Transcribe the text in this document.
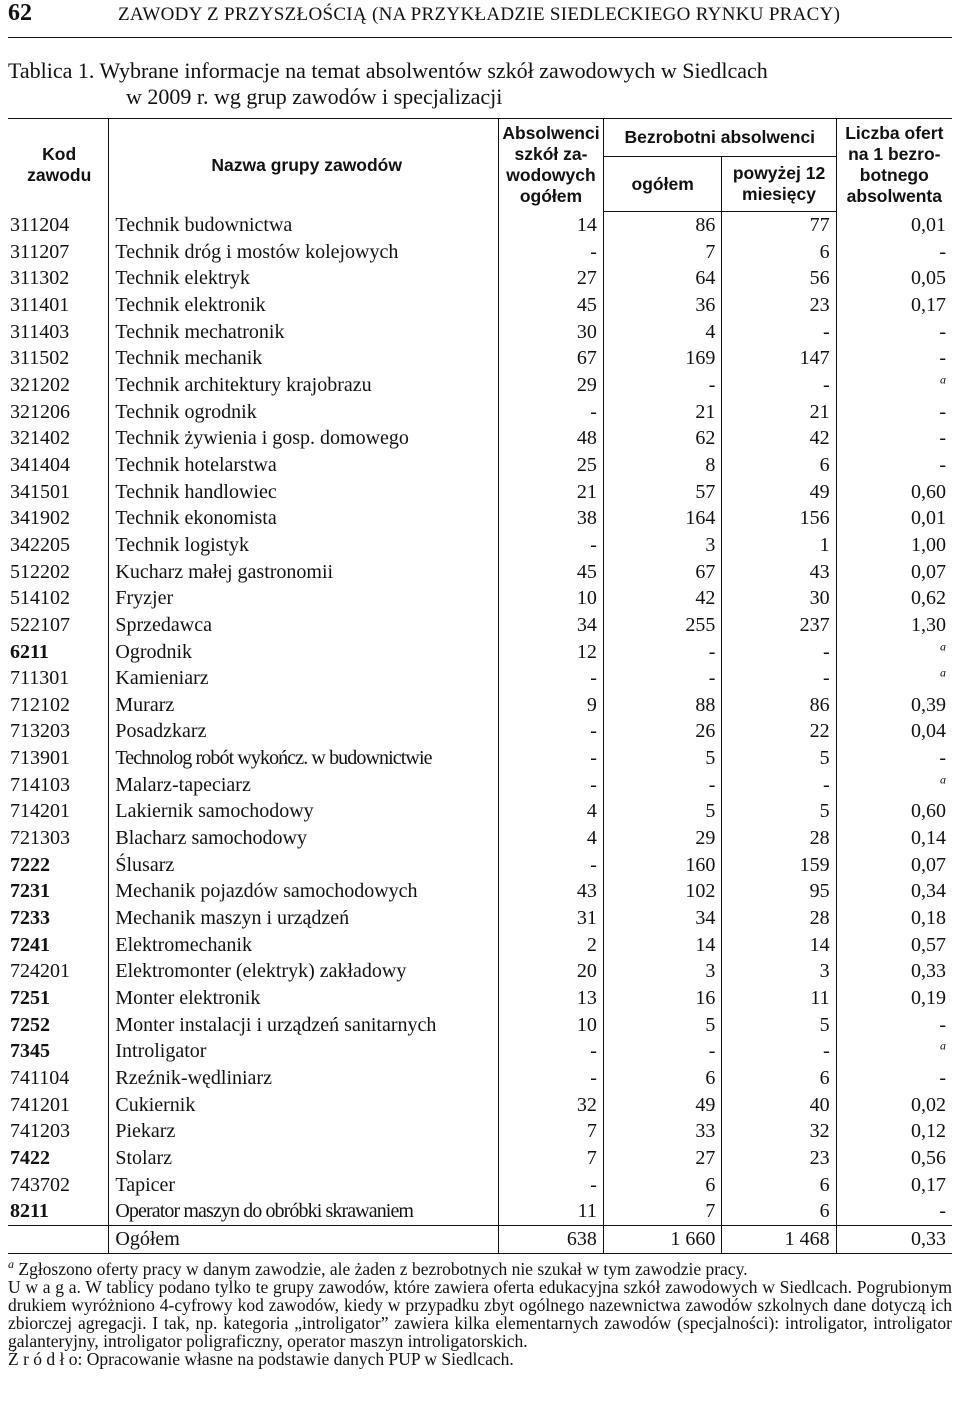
62	ZAWODY Z PRZYSZŁOŚCIĄ (NA PRZYKŁADZIE SIEDLECKIEGO RYNKU PRACY)
Tablica 1. Wybrane informacje na temat absolwentów szkół zawodowych w Siedlcach
w 2009 r. wg grup zawodów i specjalizacji
Kod zawodu	Nazwa grupy zawodów	Absolwenci szkół za- wodowych ogółem	Bezrobotni absolwenci		Liczba ofert na 1 bezro- botnego absolwenta
			ogółem	powyżej 12 miesięcy	
311204	Technik budownictwa	14	86	77	0,01
311207	Technik dróg i mostów kolejowych	-	7	6	-
311302	Technik elektryk	27	64	56	0,05
311401	Technik elektronik	45	36	23	0,17
311403	Technik mechatronik	30	4	-	-
311502	Technik mechanik	67	169	147	-
321202	Technik architektury krajobrazu	29	-	-	$^a$
321206	Technik ogrodnik	-	21	21	-
321402	Technik żywienia i gosp. domowego	48	62	42	-
341404	Technik hotelarstwa	25	8	6	-
341501	Technik handlowiec	21	57	49	0,60
341902	Technik ekonomista	38	164	156	0,01
342205	Technik logistyk	-	3	1	1,00
512202	Kucharz małej gastronomii	45	67	43	0,07
514102	Fryzjer	10	42	30	0,62
522107	Sprzedawca	34	255	237	1,30
6211	Ogrodnik	12	-	-	$^a$
711301	Kamieniarz	-	-	-	$^a$
712102	Murarz	9	88	86	0,39
713203	Posadzkarz	-	26	22	0,04
713901	Technolog robót wykończ. w budownictwie	-	5	5	-
714103	Malarz-tapeciarz	-	-	-	$^a$
714201	Lakiernik samochodowy	4	5	5	0,60
721303	Blacharz samochodowy	4	29	28	0,14
7222	Ślusarz	-	160	159	0,07
7231	Mechanik pojazdów samochodowych	43	102	95	0,34
7233	Mechanik maszyn i urządzeń	31	34	28	0,18
7241	Elektromechanik	2	14	14	0,57
724201	Elektromonter (elektryk) zakładowy	20	3	3	0,33
7251	Monter elektronik	13	16	11	0,19
7252	Monter instalacji i urządzeń sanitarnych	10	5	5	-
7345	Introligator	-	-	-	$^a$
741104	Rzeźnik-wędliniarz	-	6	6	-
741201	Cukiernik	32	49	40	0,02
741203	Piekarz	7	33	32	0,12
7422	Stolarz	7	27	23	0,56
743702	Tapicer	-	6	6	0,17
8211	Operator maszyn do obróbki skrawaniem	11	7	6	-
	Ogółem	638	1 660	1 468	0,33

$^a$ Zgłoszono oferty pracy w danym zawodzie, ale żaden z bezrobotnych nie szukał w tym zawodzie pracy.

U w a g a. W tablicy podano tylko te grupy zawodów, które zawiera oferta edukacyjna szkół zawodowych w Siedlcach. Pogrubionym drukiem wyróżniono 4-cyfrowy kod zawodów, kiedy w przypadku zbyt ogólnego nazewnictwa zawodów szkolnych dane dotyczą ich zbiorczej agregacji. I tak, np. kategoria „introligator” zawiera kilka elementarnych zawodów (specjalności): introligator, introligator galanteryjny, introligator poligraficzny, operator maszyn introligatorskich.

Ź r ó d ł o: Opracowanie własne na podstawie danych PUP w Siedlcach.
